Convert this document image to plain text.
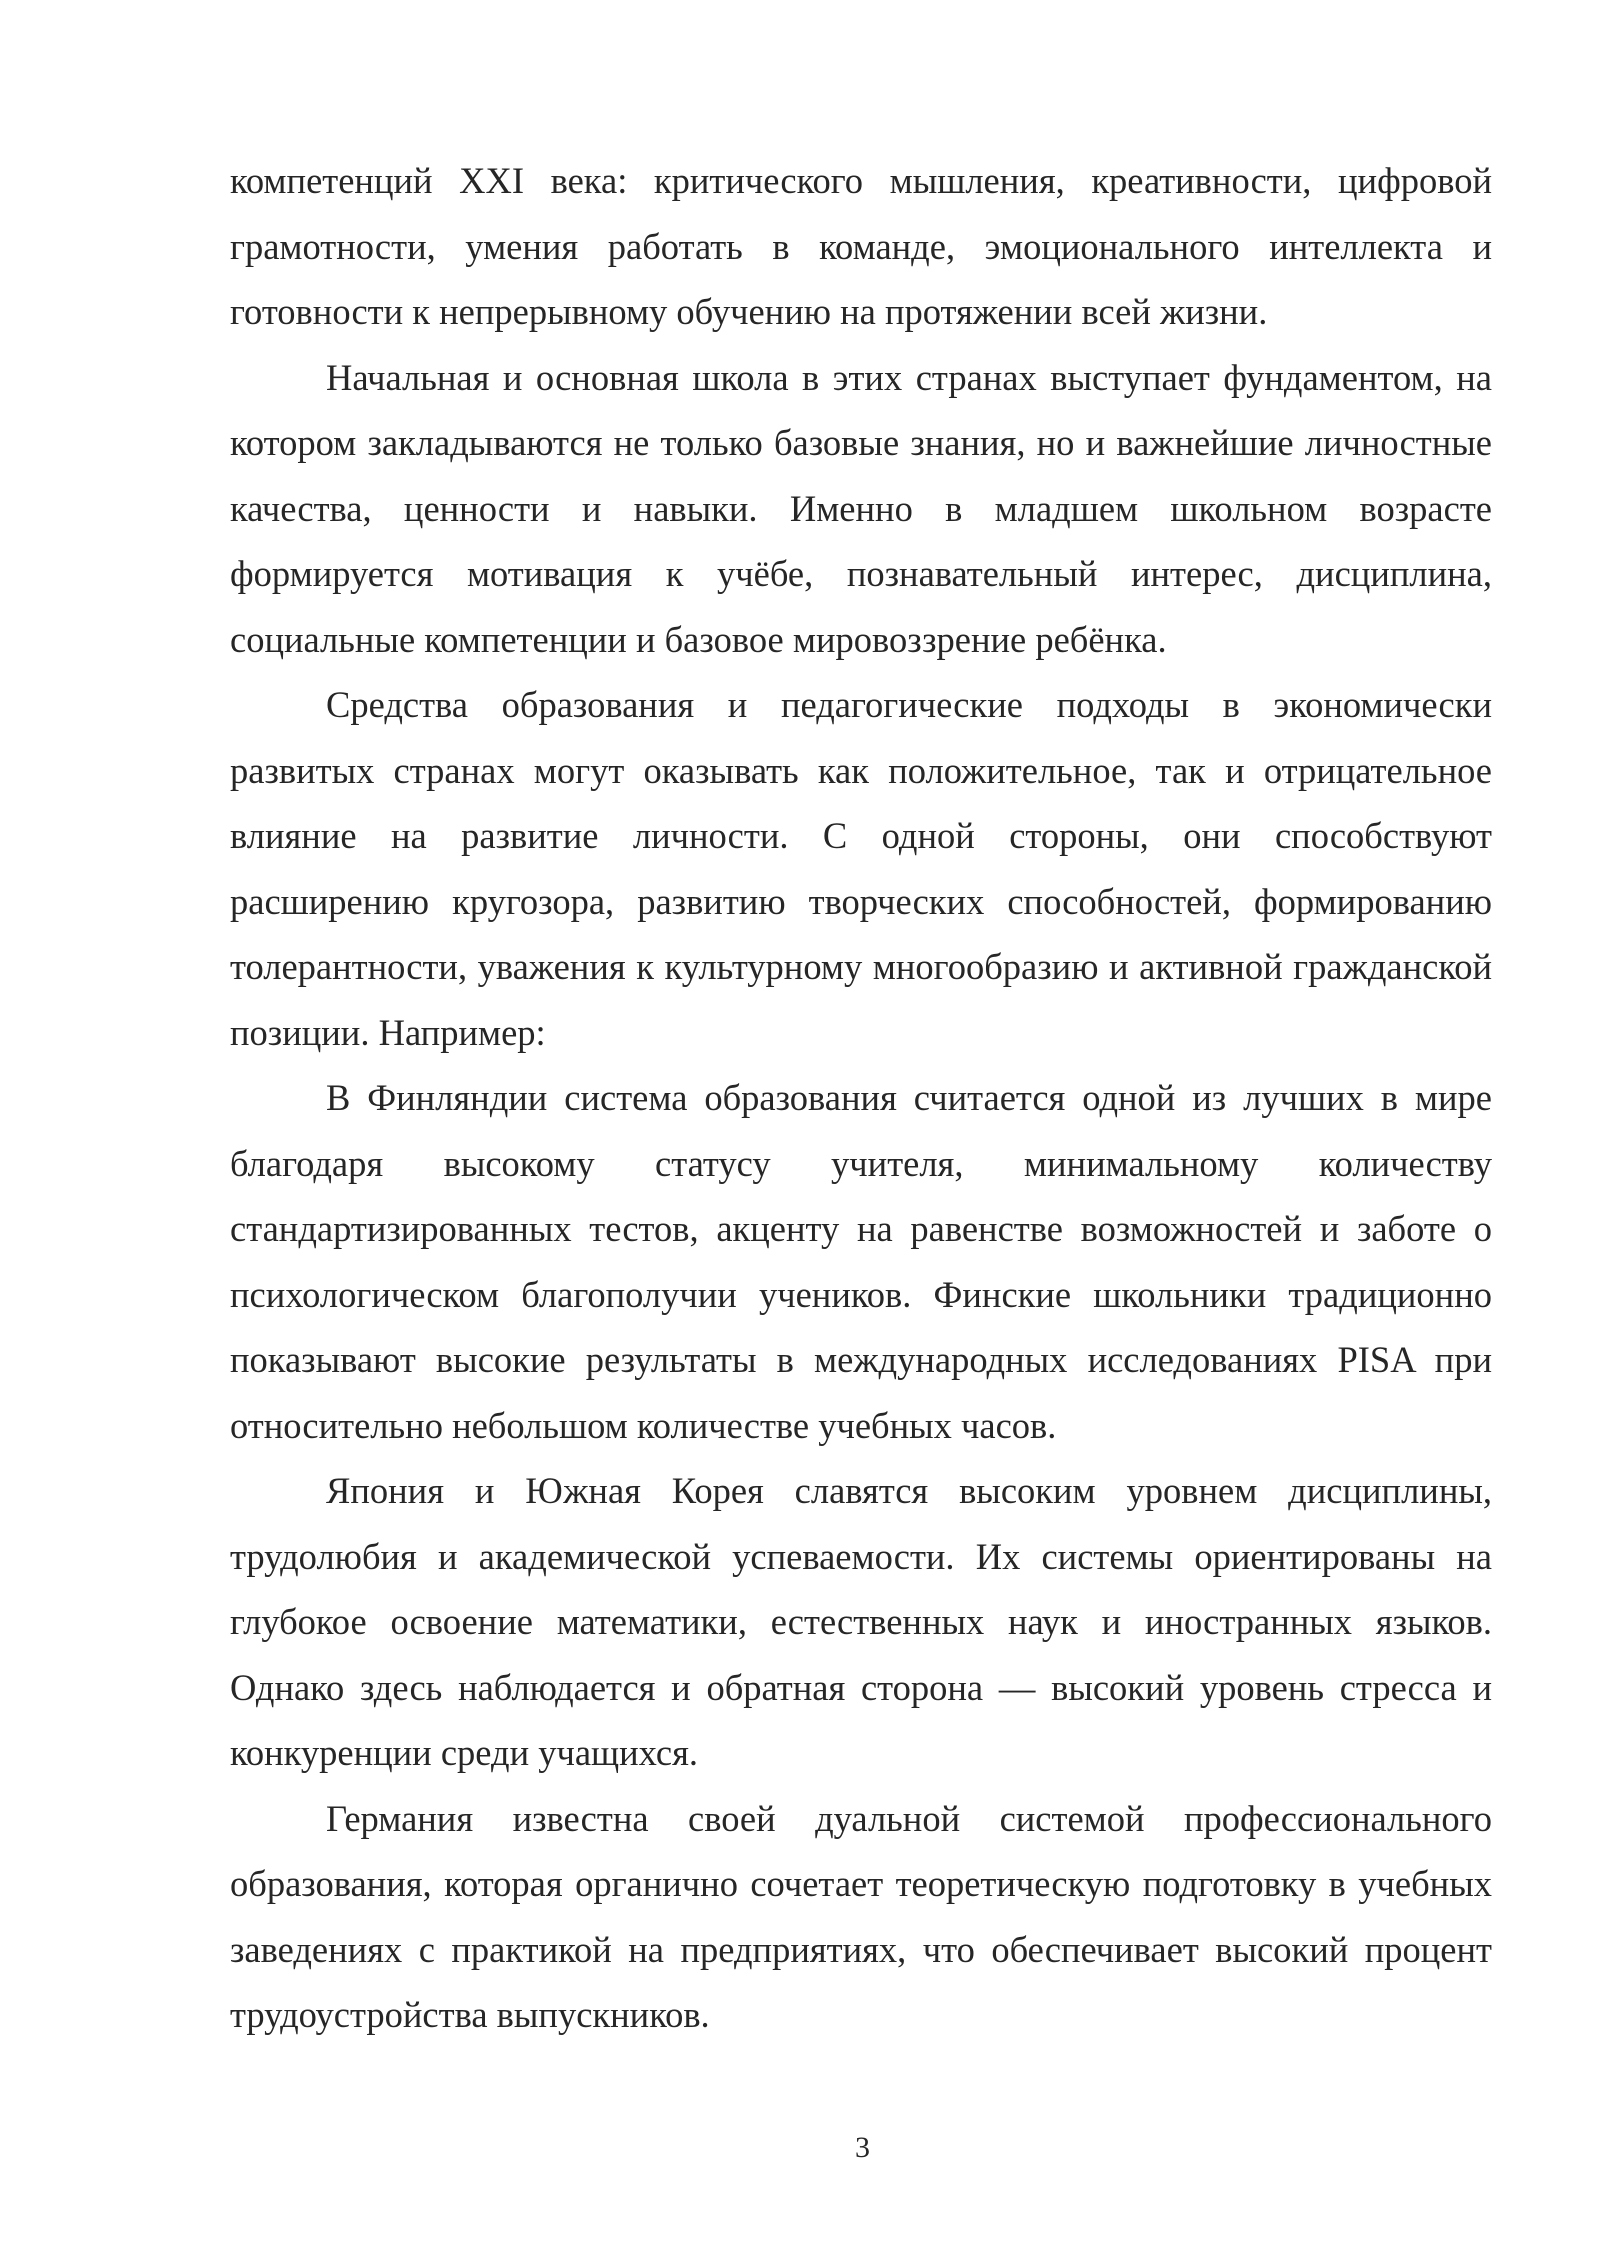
компетенций XXI века: критического мышления, креативности, цифровой грамотности, умения работать в команде, эмоционального интеллекта и готовности к непрерывному обучению на протяжении всей жизни.

Начальная и основная школа в этих странах выступает фундаментом, на котором закладываются не только базовые знания, но и важнейшие личностные качества, ценности и навыки. Именно в младшем школьном возрасте формируется мотивация к учёбе, познавательный интерес, дисциплина, социальные компетенции и базовое мировоззрение ребёнка.

Средства образования и педагогические подходы в экономически развитых странах могут оказывать как положительное, так и отрицательное влияние на развитие личности. С одной стороны, они способствуют расширению кругозора, развитию творческих способностей, формированию толерантности, уважения к культурному многообразию и активной гражданской позиции. Например:

В Финляндии система образования считается одной из лучших в мире благодаря высокому статусу учителя, минимальному количеству стандартизированных тестов, акценту на равенстве возможностей и заботе о психологическом благополучии учеников. Финские школьники традиционно показывают высокие результаты в международных исследованиях PISA при относительно небольшом количестве учебных часов.

Япония и Южная Корея славятся высоким уровнем дисциплины, трудолюбия и академической успеваемости. Их системы ориентированы на глубокое освоение математики, естественных наук и иностранных языков. Однако здесь наблюдается и обратная сторона — высокий уровень стресса и конкуренции среди учащихся.

Германия известна своей дуальной системой профессионального образования, которая органично сочетает теоретическую подготовку в учебных заведениях с практикой на предприятиях, что обеспечивает высокий процент трудоустройства выпускников.

3
